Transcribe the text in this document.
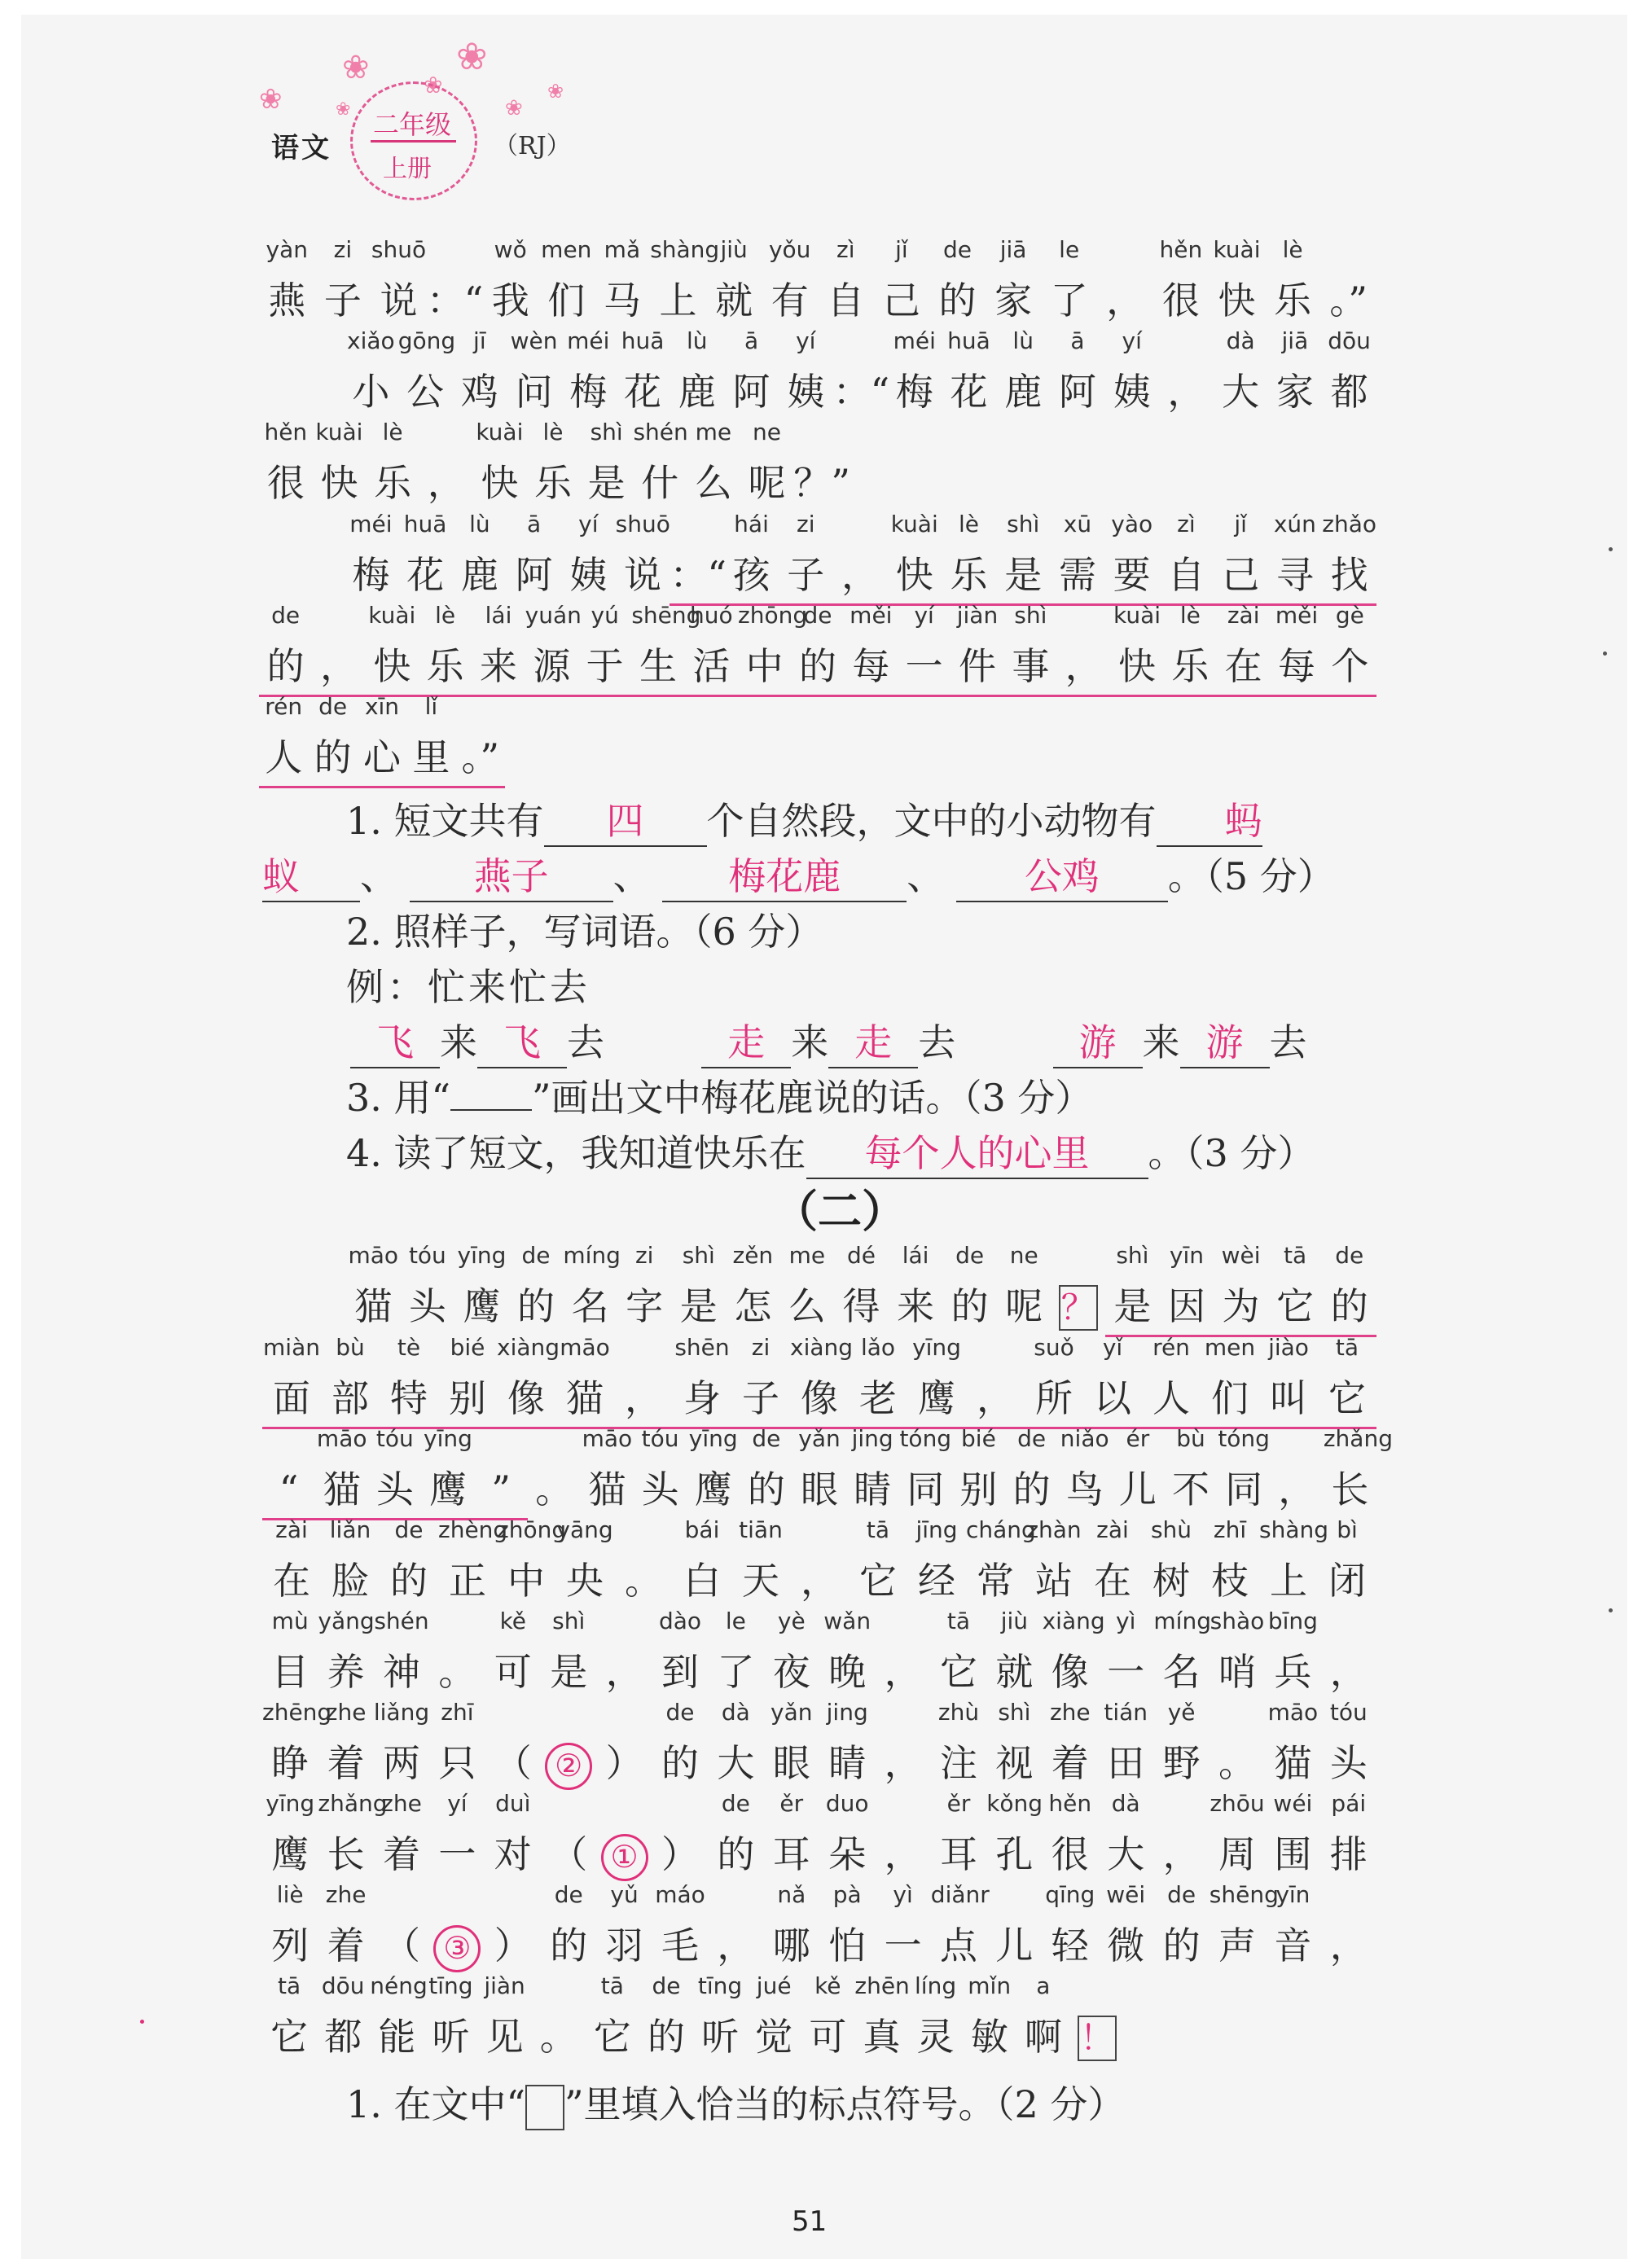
❀
❀ ❀
❀
❀
❀
❀
语文
二年级
上册
（RJ）
yàn
燕
zi
子
shuō
说 ：“
wǒ
我
men
们
mǎ
马
shàng
上
jiù
就
yǒu
有
zì
自
jǐ
己
de
的
jiā
家
le
了 ，
hěn
很
kuài
快
lè
乐 。”
xiǎo
小
gōng
公
jī
鸡
wèn
问
méi
梅
huā
花
lù
鹿
ā
阿
yí
姨 ：“
méi
梅
huā
花
lù
鹿
ā
阿
yí
姨 ，
dà
大
jiā
家
dōu
都
hěn
很
kuài
快
lè
乐 ，
kuài
快
lè
乐
shì
是
shén
什
me
么
ne
呢 ？”
méi
梅
huā
花
lù
鹿
ā
阿
yí
姨
shuō
说 ：“
hái
孩
zi
子 ，
kuài
快
lè
乐
shì
是
xū
需
yào
要
zì
自
jǐ
己
xún
寻
zhǎo
找
de
的 ，
kuài
快
lè
乐
lái
来
yuán
源
yú
于
shēng
生
huó
活
zhōng
中
de
的
měi
每
yí
一
jiàn
件
shì
事 ，
kuài
快
lè
乐
zài
在
měi
每
gè
个
rén
人
de
的
xīn
心
lǐ
里 。”
1. 短文共有 四 个自然段，文中的小动物有 蚂
蚁 、 燕子 、 梅花鹿 、 公鸡 。（5 分）
2. 照样子，写词语。（6 分）
例：忙来忙去
飞 来 飞 去	走 来 走 去	游 来 游 去
3. 用“ ”画出文中梅花鹿说的话。（3 分）
4. 读了短文，我知道快乐在 每个人的心里 。（3 分）
（二）
māo
猫
tóu
头
yīng
鹰
de
的
míng
名
zi
字
shì
是
zěn
怎
me
么
dé
得
lái
来
de
的
ne
呢 ？
shì
是
yīn
因
wèi
为
tā
它
de
的
miàn
面
bù
部
tè
特
bié
别
xiàng
像
māo
猫 ，
shēn
身
zi
子
xiàng
像
lǎo
老
yīng
鹰 ，
suǒ
所
yǐ
以
rén
人
men
们
jiào
叫
tā
它
“
māo
猫
tóu
头
yīng
鹰 ” 。
māo
猫
tóu
头
yīng
鹰
de
的
yǎn
眼
jing
睛
tóng
同
bié
别
de
的
niǎo
鸟
ér
儿
bù
不
tóng
同 ，
zhǎng
长
zài
在
liǎn
脸
de
的
zhèng
正
zhōng
中
yāng
央 。
bái
白
tiān
天 ，
tā
它
jīng
经
cháng
常
zhàn
站
zài
在
shù
树
zhī
枝
shàng
上
bì
闭
mù
目
yǎng
养
shén
神 。
kě
可
shì
是 ，
dào
到
le
了
yè
夜
wǎn
晚 ，
tā
它
jiù
就
xiàng
像
yì
一
míng
名
shào
哨
bīng
兵 ，
zhēng
睁
zhe
着
liǎng
两
zhī
只 （ ② ）
de
的
dà
大
yǎn
眼
jing
睛 ，
zhù
注
shì
视
zhe
着
tián
田
yě
野 。
māo
猫
tóu
头
yīng
鹰
zhǎng
长
zhe
着
yí
一
duì
对 （ ① ）
de
的
ěr
耳
duo
朵 ，
ěr
耳
kǒng
孔
hěn
很
dà
大 ，
zhōu
周
wéi
围
pái
排
liè
列
zhe
着 （ ③ ）
de
的
yǔ
羽
máo
毛 ，
nǎ
哪
pà
怕
yì
一
diǎnr
点 儿
qīng
轻
wēi
微
de
的
shēng
声
yīn
音 ，
tā
它
dōu
都
néng
能
tīng
听
jiàn
见 。
tā
它
de
的
tīng
听
jué
觉
kě
可
zhēn
真
líng
灵
mǐn
敏
a
啊 ！
1. 在文中“ ”里填入恰当的标点符号。（2 分）
51
